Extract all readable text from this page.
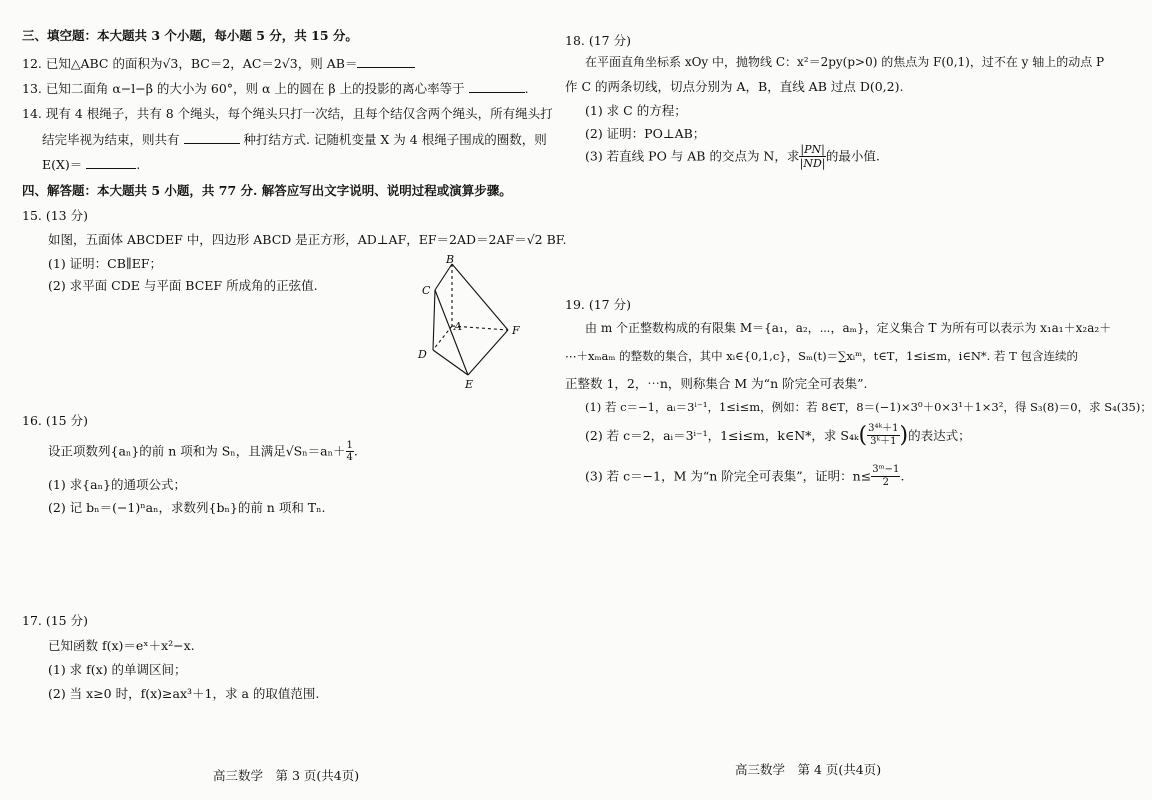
三、填空题：本大题共 3 个小题，每小题 5 分，共 15 分。
12. 已知△ABC 的面积为√3，BC＝2，AC＝2√3，则 AB＝
13. 已知二面角 α−l−β 的大小为 60°，则 α 上的圆在 β 上的投影的离心率等于	.
14. 现有 4 根绳子，共有 8 个绳头，每个绳头只打一次结，且每个结仅含两个绳头，所有绳头打
结完毕视为结束，则共有	种打结方式. 记随机变量 X 为 4 根绳子围成的圈数，则
E(X)＝	.
四、解答题：本大题共 5 小题，共 77 分. 解答应写出文字说明、说明过程或演算步骤。
15. (13 分)
如图，五面体 ABCDEF 中，四边形 ABCD 是正方形，AD⊥AF，EF＝2AD＝2AF＝√2 BF.
(1) 证明：CB∥EF；
(2) 求平面 CDE 与平面 BCEF 所成角的正弦值.
B
C
A	F
D
E
16. (15 分)
设正项数列{aₙ}的前 n 项和为 Sₙ，且满足$√S_n=a_n+ \frac{1}{4}$ .
(1) 求{aₙ}的通项公式；
(2) 记 bₙ＝(−1)ⁿaₙ，求数列{bₙ}的前 n 项和 Tₙ.
17. (15 分)
已知函数 f(x)＝eˣ＋x²−x.
(1) 求 f(x) 的单调区间；
(2) 当 x≥0 时，f(x)≥ax³＋1，求 a 的取值范围.
高三数学　第 3 页(共4页)
18. (17 分)
在平面直角坐标系 xOy 中，抛物线 C：x²＝2py(p>0) 的焦点为 F(0,1)，过不在 y 轴上的动点 P
作 C 的两条切线，切点分别为 A，B，直线 AB 过点 D(0,2).
(1) 求 C 的方程；
(2) 证明：PO⊥AB；
(3) 若直线 PO 与 AB 的交点为 N，求 $\frac{|PN|}{|ND|}$ 的最小值.
19. (17 分)
由 m 个正整数构成的有限集 M＝{a₁，a₂，⋯，aₘ}，定义集合 T 为所有可以表示为 x₁a₁＋x₂a₂＋
⋯＋xₘaₘ 的整数的集合，其中 xᵢ∈{0,1,c}，Sₘ(t)＝∑xᵢᵐ，t∈T，1≤i≤m，i∈N*. 若 T 包含连续的
正整数 1，2，⋯n，则称集合 M 为“n 阶完全可表集”.
(1) 若 c＝−1，aᵢ＝3ⁱ⁻¹，1≤i≤m，例如：若 8∈T，8＝(−1)×3⁰＋0×3¹＋1×3²，得 S₃(8)＝0，求 S₄(35)；
(2) 若 c＝2，aᵢ＝3ⁱ⁻¹，1≤i≤m，k∈N*，求 $S_{4k}( \frac{\text{3⁴ᵏ＋1}}{\text{3ᵏ＋1}}$ )的表达式；
(3) 若 c＝−1，M 为“n 阶完全可表集”，证明：$n\le \frac{\text{3ᵐ−1}}{2}$ .
高三数学　第 4 页(共4页)
